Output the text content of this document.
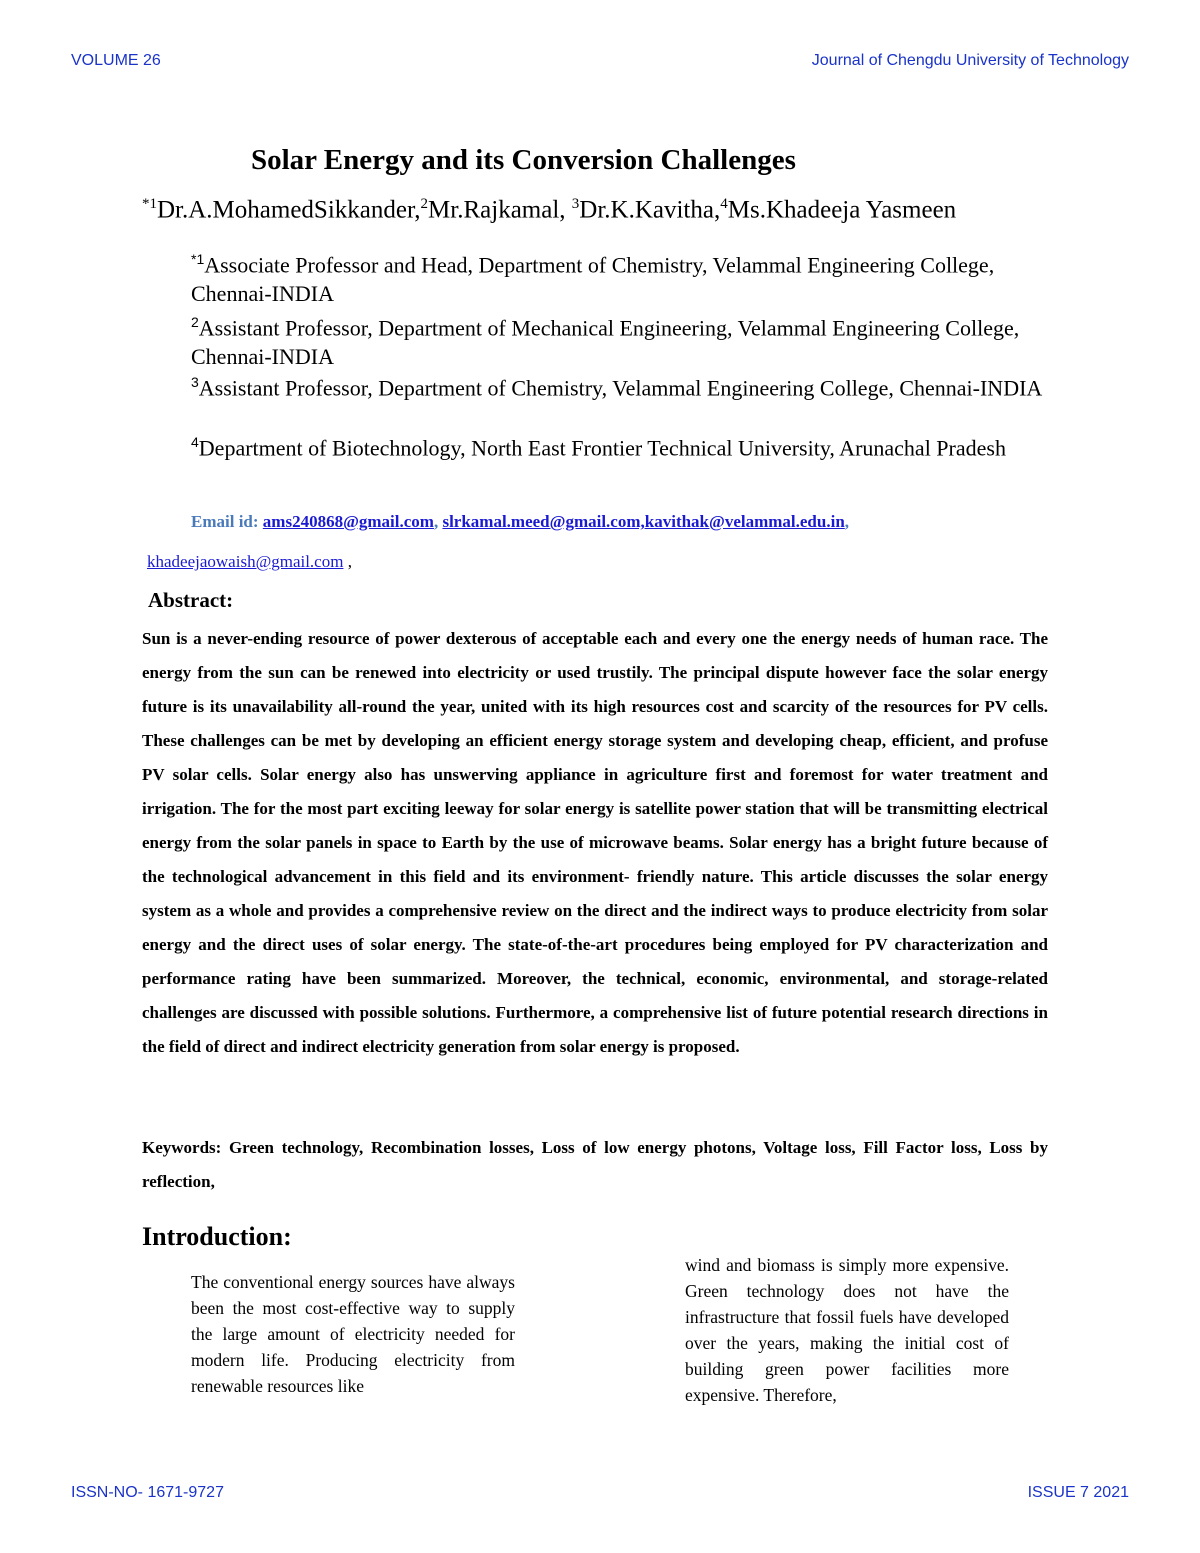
VOLUME 26	Journal of Chengdu University of Technology
Solar Energy and its Conversion Challenges
$^{*1}$Dr.A.MohamedSikkander,$^2$Mr.Rajkamal, $^3$Dr.K.Kavitha,$^4$Ms.Khadeeja Yasmeen
$^{*1}$Associate Professor and Head, Department of Chemistry, Velammal Engineering College, Chennai-INDIA
$^2$Assistant Professor, Department of Mechanical Engineering, Velammal Engineering College, Chennai-INDIA
$^3$Assistant Professor, Department of Chemistry, Velammal Engineering College, Chennai-INDIA
$^4$Department of Biotechnology, North East Frontier Technical University, Arunachal Pradesh
Email id: ams240868@gmail.com, slrkamal.meed@gmail.com,kavithak@velammal.edu.in,
khadeejaowaish@gmail.com ,
Abstract:

Sun is a never-ending resource of power dexterous of acceptable each and every one the energy needs of human race. The energy from the sun can be renewed into electricity or used trustily. The principal dispute however face the solar energy future is its unavailability all-round the year, united with its high resources cost and scarcity of the resources for PV cells. These challenges can be met by developing an efficient energy storage system and developing cheap, efficient, and profuse PV solar cells. Solar energy also has unswerving appliance in agriculture first and foremost for water treatment and irrigation. The for the most part exciting leeway for solar energy is satellite power station that will be transmitting electrical energy from the solar panels in space to Earth by the use of microwave beams. Solar energy has a bright future because of the technological advancement in this field and its environment- friendly nature. This article discusses the solar energy system as a whole and provides a comprehensive review on the direct and the indirect ways to produce electricity from solar energy and the direct uses of solar energy. The state-of-the-art procedures being employed for PV characterization and performance rating have been summarized. Moreover, the technical, economic, environmental, and storage-related challenges are discussed with possible solutions. Furthermore, a comprehensive list of future potential research directions in the field of direct and indirect electricity generation from solar energy is proposed.

Keywords: Green technology, Recombination losses, Loss of low energy photons, Voltage loss, Fill Factor loss, Loss by reflection,

Introduction:

The conventional energy sources have always been the most cost-effective way to supply the large amount of electricity needed for modern life. Producing electricity from renewable resources like

wind and biomass is simply more expensive. Green technology does not have the infrastructure that fossil fuels have developed over the years, making the initial cost of building green power facilities more expensive. Therefore,

ISSN-NO- 1671-9727	ISSUE 7 2021
